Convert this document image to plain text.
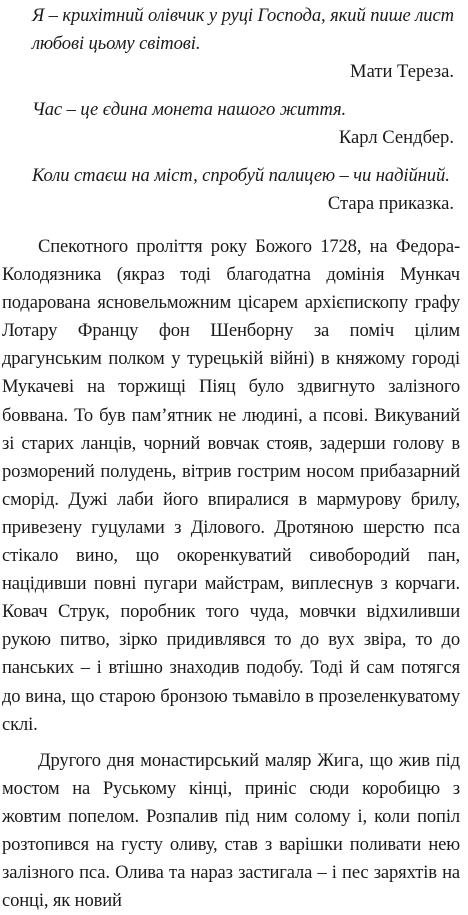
Я – крихітний олівчик у руці Господа, який пише лист любові цьому світові.

Мати Тереза.

Час – це єдина монета нашого життя.

Карл Сендбер.

Коли стаєш на міст, спробуй палицею – чи надійний.

Стара приказка.

Спекотного проліття року Божого 1728, на Федора-Колодязника (якраз тоді благодатна домінія Мункач подарована ясновельможним цісарем архієпископу графу Лотару Францу фон Шенборну за поміч цілим драгунським полком у турецькій війні) в княжому городі Мукачеві на торжищі Піяц було здвигнуто залізного боввана. То був пам’ятник не людині, а псові. Викуваний зі старих ланців, чорний вовчак стояв, задерши голову в розморений полудень, вітрив гострим носом прибазарний сморід. Дужі лаби його впиралися в мармурову брилу, привезену гуцулами з Ділового. Дротяною шерстю пса стікало вино, що окоренкуватий сивобородий пан, націдивши повні пугари майстрам, виплеснув з корчаги. Ковач Струк, поробник того чуда, мовчки відхиливши рукою питво, зірко придивлявся то до вух звіра, то до панських – і втішно знаходив подобу. Тоді й сам потягся до вина, що старою бронзою тьмавіло в прозеленкуватому склі.

Другого дня монастирський маляр Жига, що жив під мостом на Руському кінці, приніс сюди коробицю з жовтим попелом. Розпалив під ним солому і, коли попіл розтопився на густу оливу, став з варішки поливати нею залізного пса. Олива та нараз застигала – і пес заряхтів на сонці, як новий
